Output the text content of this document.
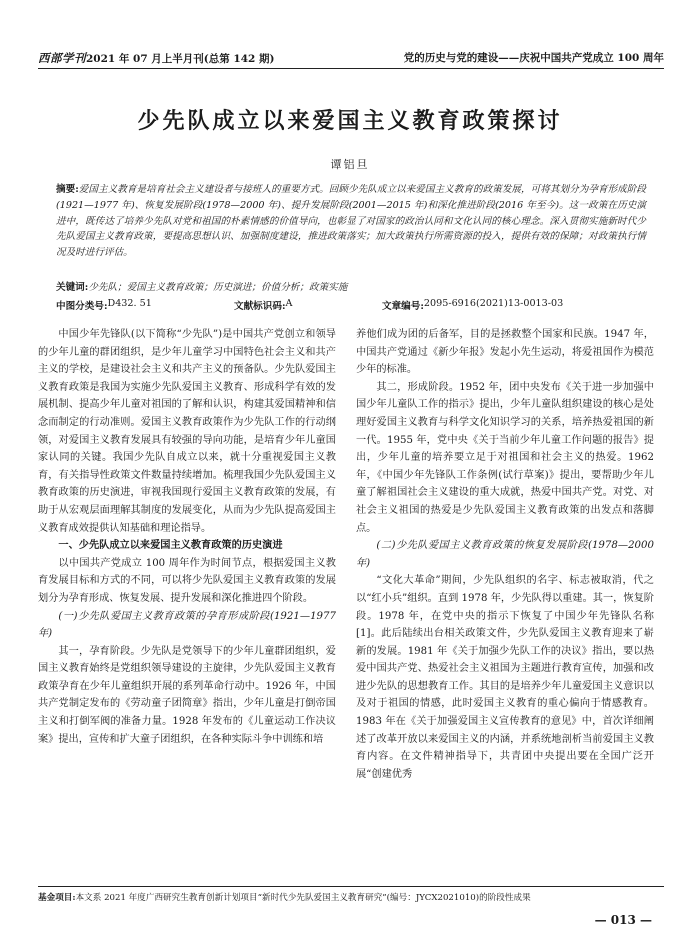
西部学刊2021 年 07 月上半月刊(总第 142 期)	党的历史与党的建设——庆祝中国共产党成立 100 周年
少先队成立以来爱国主义教育政策探讨
谭铝旦
摘要:爱国主义教育是培育社会主义建设者与接班人的重要方式。回顾少先队成立以来爱国主义教育的政策发展，可将其划分为孕育形成阶段(1921—1977 年)、恢复发展阶段(1978—2000 年)、提升发展阶段(2001—2015 年)和深化推进阶段(2016 年至今)。这一政策在历史演进中，既传达了培养少先队对党和祖国的朴素情感的价值导向，也彰显了对国家的政治认同和文化认同的核心理念。深入贯彻实施新时代少先队爱国主义教育政策，要提高思想认识、加强制度建设，推进政策落实；加大政策执行所需资源的投入，提供有效的保障；对政策执行情况及时进行评估。
关键词:少先队；爱国主义教育政策；历史演进；价值分析；政策实施
中图分类号: D432. 51	文献标识码: A	文章编号: 2095-6916(2021)13-0013-03

中国少年先锋队(以下简称“少先队”)是中国共产党创立和领导的少年儿童的群团组织，是少年儿童学习中国特色社会主义和共产主义的学校，是建设社会主义和共产主义的预备队。少先队爱国主义教育政策是我国为实施少先队爱国主义教育、形成科学有效的发展机制、提高少年儿童对祖国的了解和认识，构建其爱国精神和信念而制定的行动准则。爱国主义教育政策作为少先队工作的行动纲领，对爱国主义教育发展具有较强的导向功能，是培育少年儿童国家认同的关键。我国少先队自成立以来，就十分重视爱国主义教育，有关指导性政策文件数量持续增加。梳理我国少先队爱国主义教育政策的历史演进，审视我国现行爱国主义教育政策的发展，有助于从宏观层面理解其制度的发展变化，从而为少先队提高爱国主义教育成效提供认知基础和理论指导。

一、少先队成立以来爱国主义教育政策的历史演进

以中国共产党成立 100 周年作为时间节点，根据爱国主义教育发展目标和方式的不同，可以将少先队爱国主义教育政策的发展划分为孕育形成、恢复发展、提升发展和深化推进四个阶段。

(一)少先队爱国主义教育政策的孕育形成阶段(1921—1977 年)

其一，孕育阶段。少先队是党领导下的少年儿童群团组织，爱国主义教育始终是党组织领导建设的主旋律，少先队爱国主义教育政策孕育在少年儿童组织开展的系列革命行动中。1926 年，中国共产党制定发布的《劳动童子团简章》指出，少年儿童是打倒帝国主义和打倒军阀的准备力量。1928 年发布的《儿童运动工作决议案》提出，宣传和扩大童子团组织，在各种实际斗争中训练和培

养他们成为团的后备军，目的是拯救整个国家和民族。1947 年，中国共产党通过《新少年报》发起小先生运动，将爱祖国作为模范少年的标准。

其二，形成阶段。1952 年，团中央发布《关于进一步加强中国少年儿童队工作的指示》提出，少年儿童队组织建设的核心是处理好爱国主义教育与科学文化知识学习的关系，培养热爱祖国的新一代。1955 年，党中央《关于当前少年儿童工作问题的报告》提出，少年儿童的培养要立足于对祖国和社会主义的热爱。1962 年，《中国少年先锋队工作条例(试行草案)》提出，要帮助少年儿童了解祖国社会主义建设的重大成就，热爱中国共产党。对党、对社会主义祖国的热爱是少先队爱国主义教育政策的出发点和落脚点。

(二)少先队爱国主义教育政策的恢复发展阶段(1978—2000 年)

“文化大革命”期间，少先队组织的名字、标志被取消，代之以“红小兵”组织。直到 1978 年，少先队得以重建。其一，恢复阶段。1978 年，在党中央的指示下恢复了中国少年先锋队名称[1]。此后陆续出台相关政策文件，少先队爱国主义教育迎来了崭新的发展。1981 年《关于加强少先队工作的决议》指出，要以热爱中国共产党、热爱社会主义祖国为主题进行教育宣传，加强和改进少先队的思想教育工作。其目的是培养少年儿童爱国主义意识以及对于祖国的情感，此时爱国主义教育的重心偏向于情感教育。1983 年在《关于加强爱国主义宣传教育的意见》中，首次详细阐述了改革开放以来爱国主义的内涵，并系统地剖析当前爱国主义教育内容。在文件精神指导下，共青团中央提出要在全国广泛开展“创建优秀

基金项目:本文系 2021 年度广西研究生教育创新计划项目“新时代少先队爱国主义教育研究”(编号：JYCX2021010)的阶段性成果
— 013 —
